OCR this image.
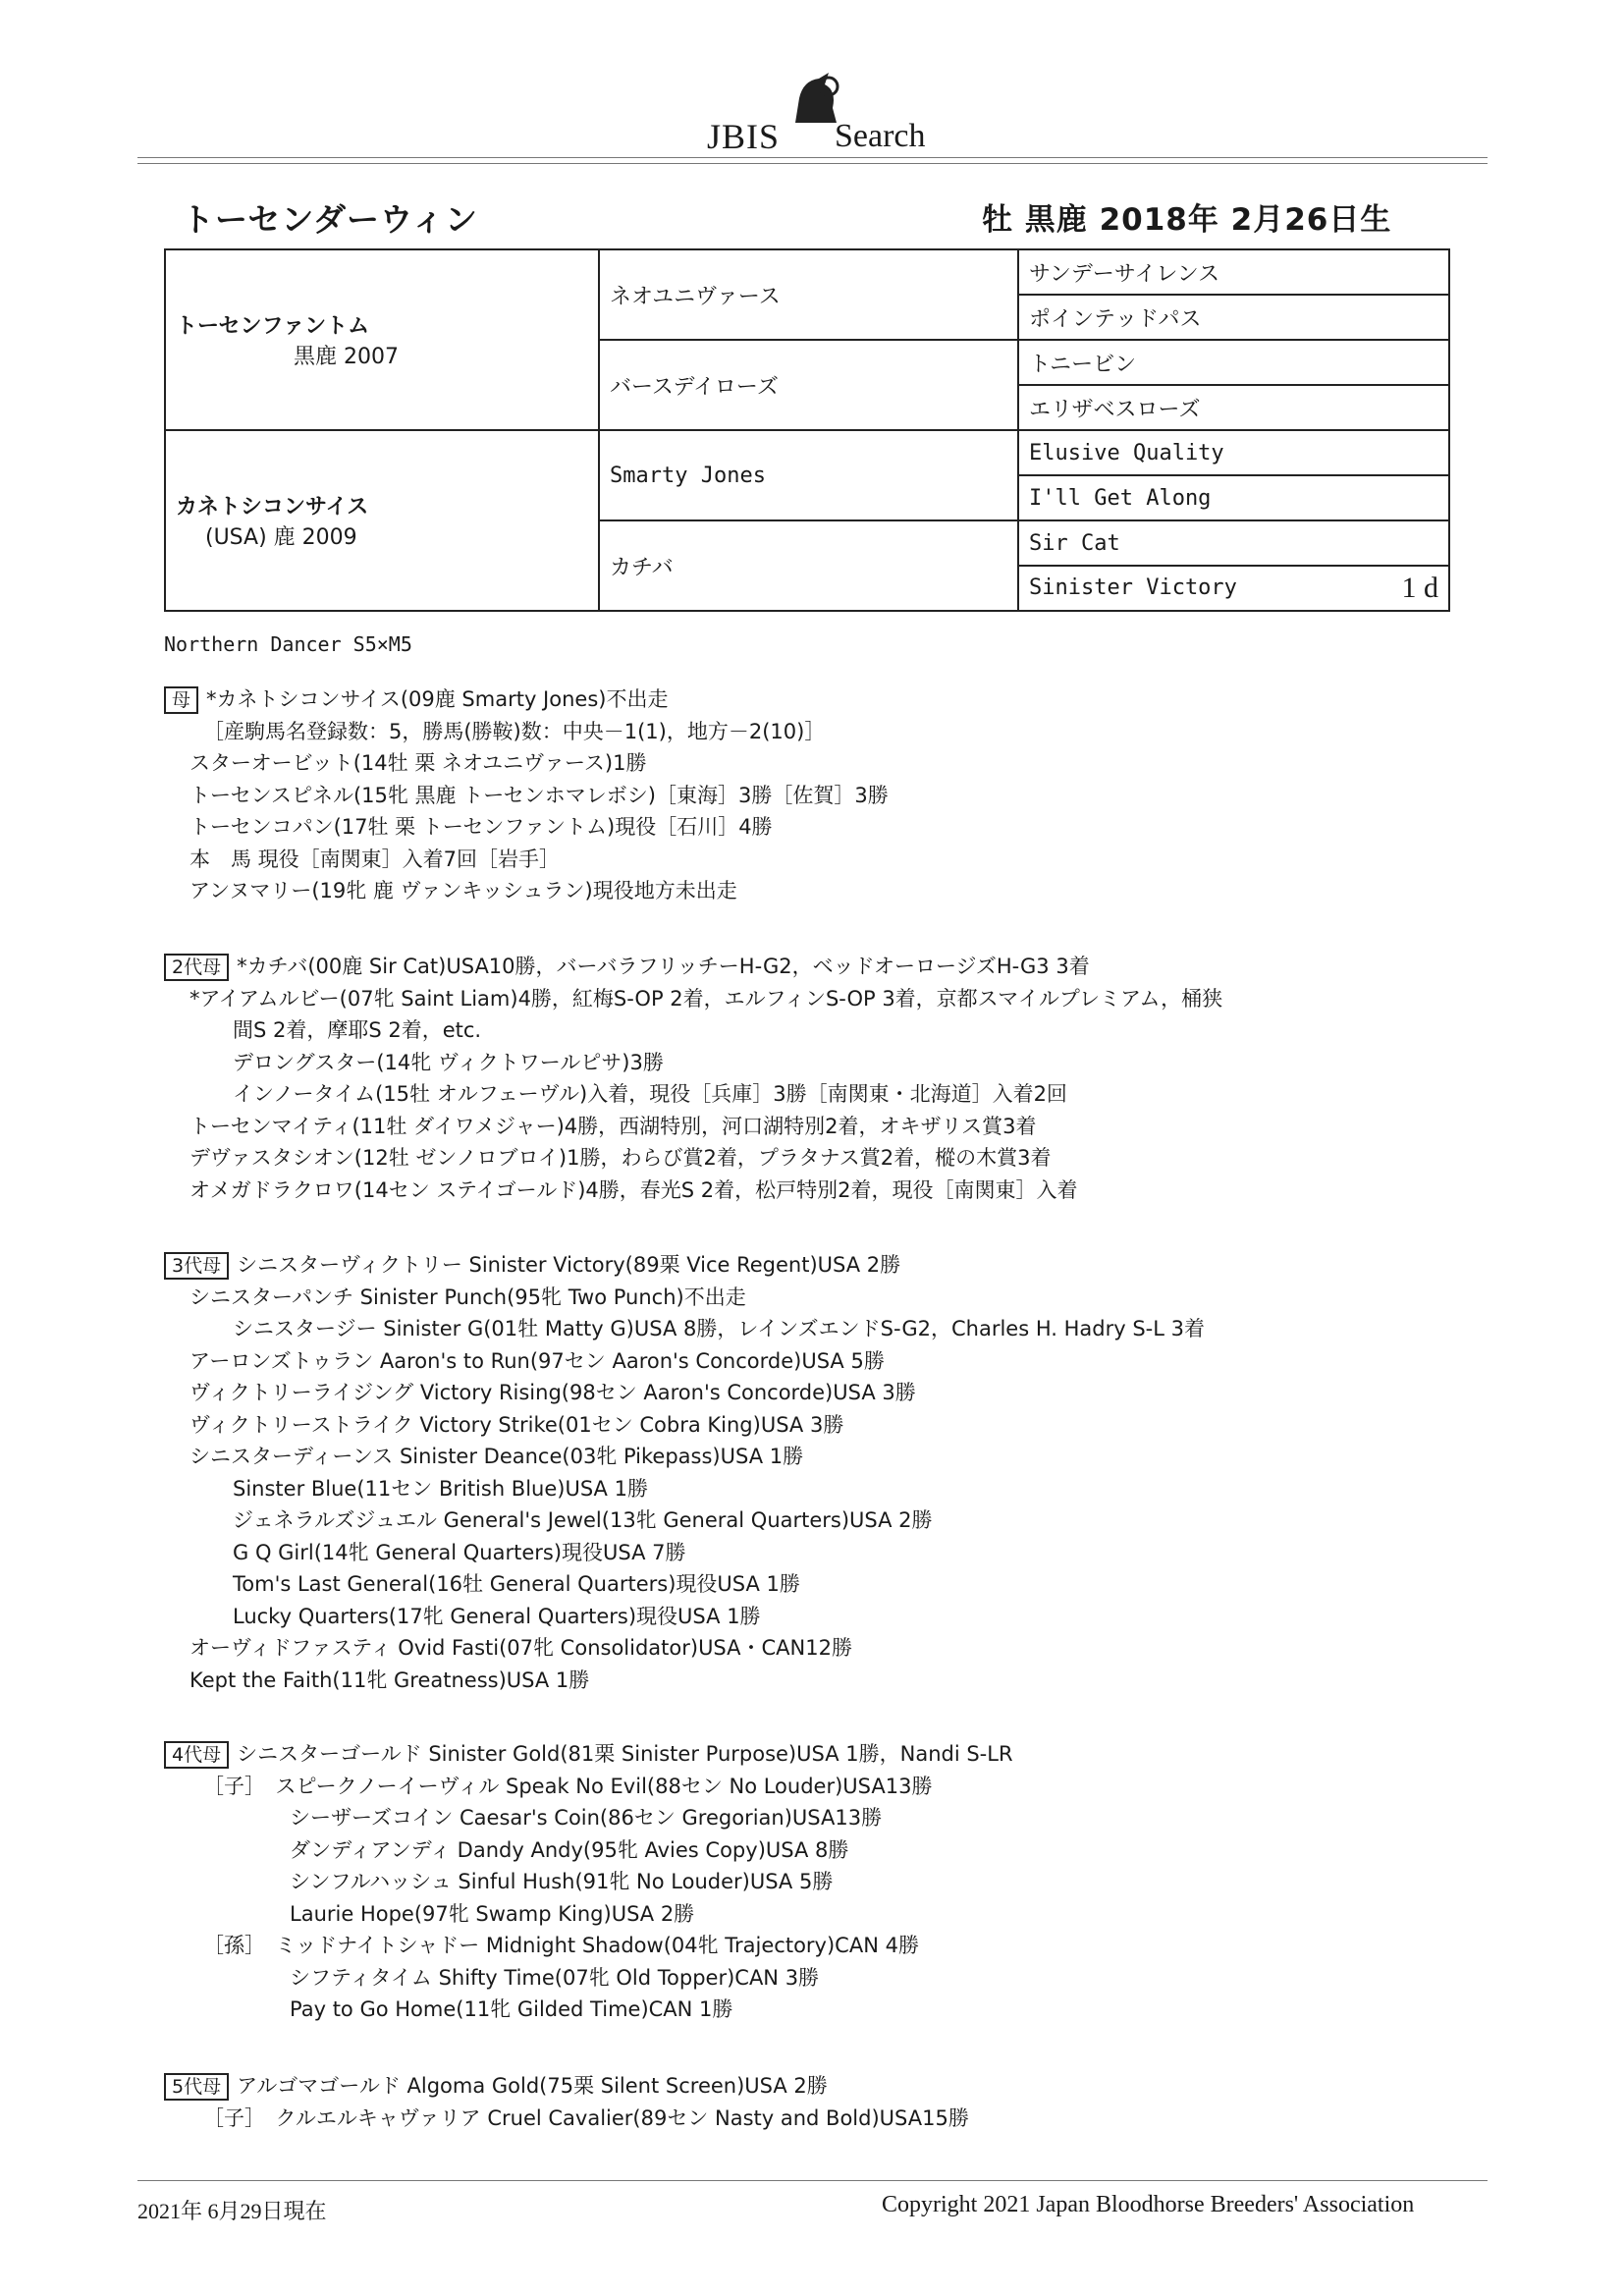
JBIS Search
トーセンダーウィン	牡 黒鹿 2018年 2月26日生
トーセンファントム
黒鹿 2007	ネオユニヴァース	サンデーサイレンス
		ポインテッドパス
	バースデイローズ	トニービン
		エリザベスローズ

カネトシコンサイス
(USA) 鹿 2009	Smarty Jones	Elusive Quality
		I'll Get Along
	カチバ	Sir Cat
		Sinister Victory 1 d
Northern Dancer S5×M5
母 *カネトシコンサイス(09鹿 Smarty Jones)不出走
［産駒馬名登録数：5，勝馬(勝鞍)数：中央－1(1)，地方－2(10)］
スターオービット(14牡 栗 ネオユニヴァース)1勝
トーセンスピネル(15牝 黒鹿 トーセンホマレボシ)［東海］3勝［佐賀］3勝
トーセンコパン(17牡 栗 トーセンファントム)現役［石川］4勝
本　馬 現役［南関東］入着7回［岩手］
アンヌマリー(19牝 鹿 ヴァンキッシュラン)現役地方未出走
2代母 *カチバ(00鹿 Sir Cat)USA10勝，バーバラフリッチーH-G2，ベッドオーロージズH-G3 3着
*アイアムルビー(07牝 Saint Liam)4勝，紅梅S-OP 2着，エルフィンS-OP 3着，京都スマイルプレミアム，桶狭
間S 2着，摩耶S 2着，etc.
デロングスター(14牝 ヴィクトワールピサ)3勝
インノータイム(15牡 オルフェーヴル)入着，現役［兵庫］3勝［南関東・北海道］入着2回
トーセンマイティ(11牡 ダイワメジャー)4勝，西湖特別，河口湖特別2着，オキザリス賞3着
デヴァスタシオン(12牡 ゼンノロブロイ)1勝，わらび賞2着，プラタナス賞2着，樅の木賞3着
オメガドラクロワ(14セン ステイゴールド)4勝，春光S 2着，松戸特別2着，現役［南関東］入着
3代母 シニスターヴィクトリー Sinister Victory(89栗 Vice Regent)USA 2勝
シニスターパンチ Sinister Punch(95牝 Two Punch)不出走
シニスタージー Sinister G(01牡 Matty G)USA 8勝，レインズエンドS-G2，Charles H. Hadry S-L 3着
アーロンズトゥラン Aaron's to Run(97セン Aaron's Concorde)USA 5勝
ヴィクトリーライジング Victory Rising(98セン Aaron's Concorde)USA 3勝
ヴィクトリーストライク Victory Strike(01セン Cobra King)USA 3勝
シニスターディーンス Sinister Deance(03牝 Pikepass)USA 1勝
Sinster Blue(11セン British Blue)USA 1勝
ジェネラルズジュエル General's Jewel(13牝 General Quarters)USA 2勝
G Q Girl(14牝 General Quarters)現役USA 7勝
Tom's Last General(16牡 General Quarters)現役USA 1勝
Lucky Quarters(17牝 General Quarters)現役USA 1勝
オーヴィドファスティ Ovid Fasti(07牝 Consolidator)USA・CAN12勝
Kept the Faith(11牝 Greatness)USA 1勝
4代母 シニスターゴールド Sinister Gold(81栗 Sinister Purpose)USA 1勝，Nandi S-LR
［子］　スピークノーイーヴィル Speak No Evil(88セン No Louder)USA13勝
シーザーズコイン Caesar's Coin(86セン Gregorian)USA13勝
ダンディアンディ Dandy Andy(95牝 Avies Copy)USA 8勝
シンフルハッシュ Sinful Hush(91牝 No Louder)USA 5勝
Laurie Hope(97牝 Swamp King)USA 2勝
［孫］　ミッドナイトシャドー Midnight Shadow(04牝 Trajectory)CAN 4勝
シフティタイム Shifty Time(07牝 Old Topper)CAN 3勝
Pay to Go Home(11牝 Gilded Time)CAN 1勝
5代母 アルゴマゴールド Algoma Gold(75栗 Silent Screen)USA 2勝
［子］　クルエルキャヴァリア Cruel Cavalier(89セン Nasty and Bold)USA15勝
2021年 6月29日現在	Copyright 2021 Japan Bloodhorse Breeders' Association
